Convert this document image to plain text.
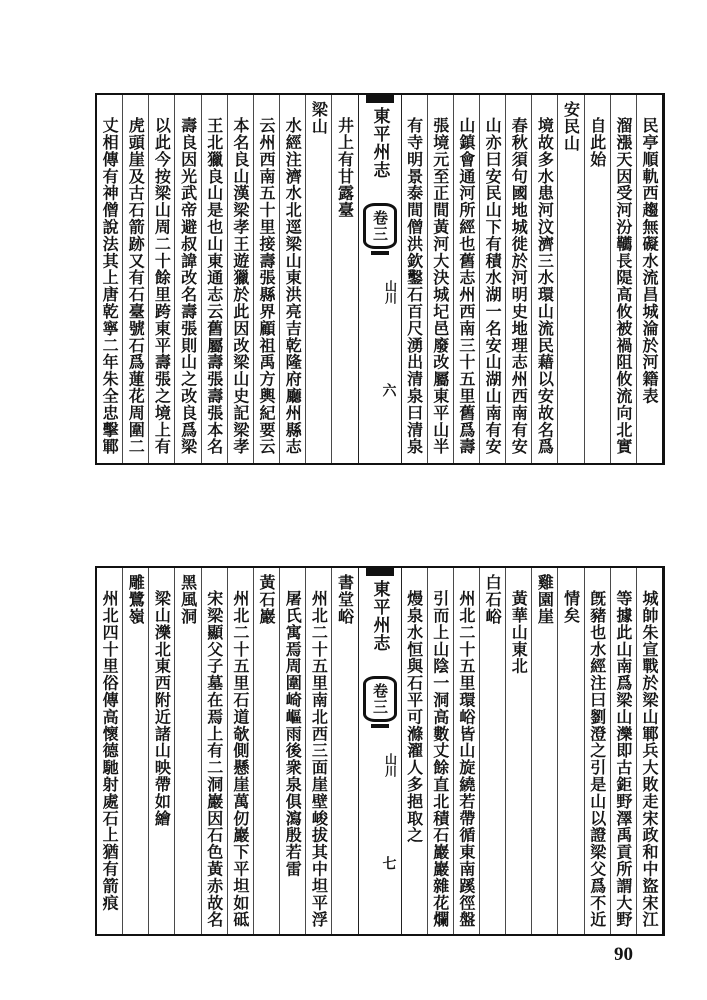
井上有甘露臺
梁山
水經注濟水北逕梁山東洪亮吉乾隆府廳州縣志
云州西南五十里接壽張縣界顧祖禹方輿紀要云
本名良山漢梁孝王遊獵於此因改梁山史記梁孝
王北獵良山是也山東通志云舊屬壽張壽張本名
壽良因光武帝避叔諱改名壽張則山之改良爲梁
以此今按梁山周二十餘里跨東平壽張之境上有
虎頭崖及古石箭跡又有石臺號石爲蓮花周圍二
丈相傳有神僧說法其上唐乾寧二年朱全忠擊鄆	東平州志
卷三
山川
六	民亭順軌西趨無礙水流昌城淪於河籍表
溜漲天因受河汾韉長隄高攸被禍阻攸流向北實
自此始
安民山
境故多水患河汶濟三水環山流民藉以安故名爲
春秋須句國地城徙於河明史地理志州西南有安
山亦曰安民山下有積水湖一名安山湖山南有安
山鎮會通河所經也舊志州西南三十五里舊爲壽
張境元至正間黃河大決城圮邑廢改屬東平山半
有寺明景泰間僧洪欽鑿石百尺湧出清泉曰清泉
書堂峪
州北二十五里南北西三面崖壁峻拔其中坦平浮
屠氏寓焉周圍崎嶇雨後衆泉俱瀉殷若雷
黃石巖
州北二十五里石道欹側懸崖萬仞巖下平坦如砥
宋梁顯父子墓在焉上有二洞巖因石色黃赤故名
黑風洞
梁山濼北東西附近諸山映帶如繪
雕鷺嶺
州北四十里俗傳高懷德馳射處石上猶有箭痕	東平州志
卷三
山川
七	城帥朱宣戰於梁山鄆兵大敗走宋政和中盜宋江
等據此山南爲梁山濼即古鉅野澤禹貢所謂大野
旣豬也水經注曰劉澄之引是山以證梁父爲不近
情矣
雞園崖
黃華山東北
白石峪
州北二十五里環峪皆山旋繞若帶循東南蹊徑盤
引而上山陰一洞高數丈餘直北積石巖巖雜花爛
熳泉水恒與石平可滌濯人多挹取之
90
